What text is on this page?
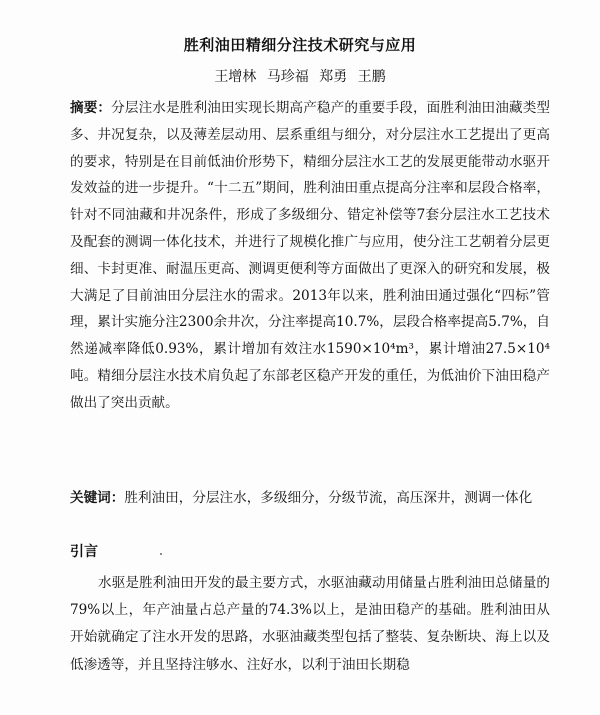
胜利油田精细分注技术研究与应用
王增林 马珍福 郑勇 王鹏
摘要：分层注水是胜利油田实现长期高产稳产的重要手段，面胜利油田油藏类型多、井况复杂，以及薄差层动用、层系重组与细分，对分层注水工艺提出了更高的要求，特别是在目前低油价形势下，精细分层注水工艺的发展更能带动水驱开发效益的进一步提升。“十二五”期间，胜利油田重点提高分注率和层段合格率，针对不同油藏和井况条件，形成了多级细分、错定补偿等7套分层注水工艺技术及配套的测调一体化技术，并进行了规模化推广与应用，使分注工艺朝着分层更细、卡封更准、耐温压更高、测调更便利等方面做出了更深入的研究和发展，极大满足了目前油田分层注水的需求。2013年以来，胜利油田通过强化“四标”管理，累计实施分注2300余井次，分注率提高10.7%，层段合格率提高5.7%，自然递减率降低0.93%，累计增加有效注水1590×10⁴m³，累计增油27.5×10⁴吨。精细分层注水技术肩负起了东部老区稳产开发的重任，为低油价下油田稳产做出了突出贡献。
关键词：胜利油田，分层注水，多级细分，分级节流，高压深井，测调一体化
引言
水驱是胜利油田开发的最主要方式，水驱油藏动用储量占胜利油田总储量的79%以上，年产油量占总产量的74.3%以上，是油田稳产的基础。胜利油田从开始就确定了注水开发的思路，水驱油藏类型包括了整装、复杂断块、海上以及低渗透等，并且坚持注够水、注好水，以利于油田长期稳
